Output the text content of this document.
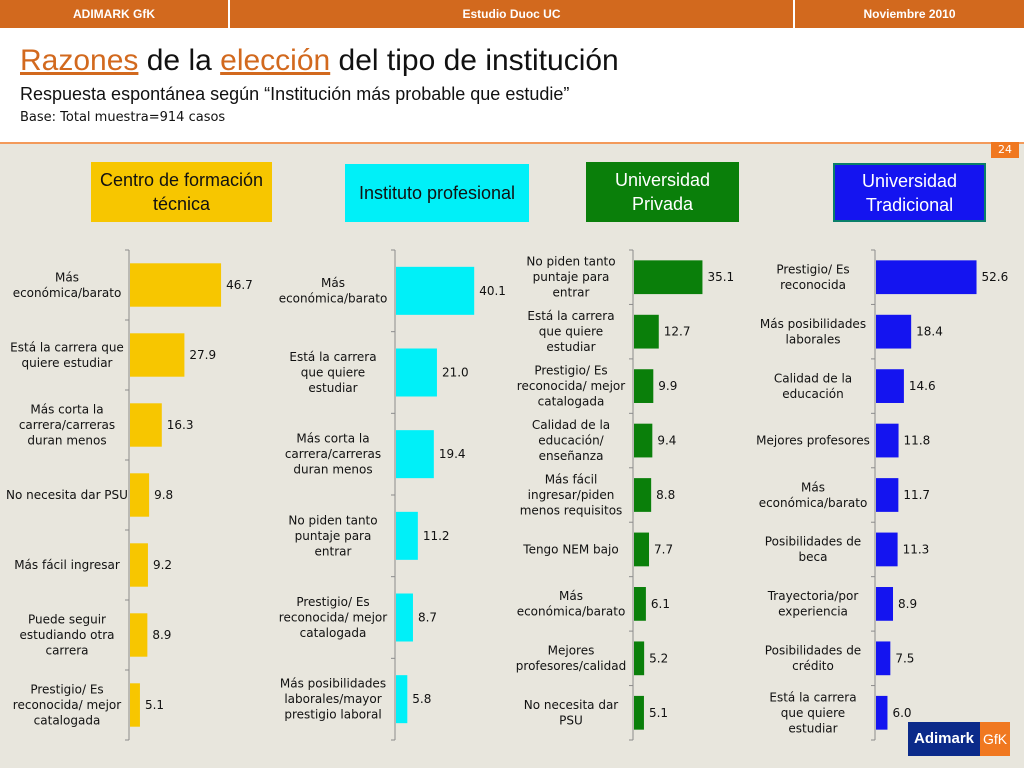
ADIMARK GfK	Estudio Duoc UC	Noviembre 2010
Razones de la elección del tipo de institución
Respuesta espontánea según “Institución más probable que estudie”
Base: Total muestra=914 casos
24
Centro de formación técnica
Instituto profesional
Universidad Privada
Universidad Tradicional
46.7
Más económica/barato
27.9
Está la carrera que quiere estudiar
16.3
Más corta la carrera/carreras duran menos
9.8
No necesita dar PSU
9.2
Más fácil ingresar
8.9
Puede seguir estudiando otra carrera
5.1
Prestigio/ Es reconocida/ mejor catalogada
40.1
Más económica/barato
21.0
Está la carrera que quiere estudiar
19.4
Más corta la carrera/carreras duran menos
11.2
No piden tanto puntaje para entrar
8.7
Prestigio/ Es reconocida/ mejor catalogada
5.8
Más posibilidades laborales/mayor prestigio laboral
35.1
No piden tanto puntaje para entrar
12.7
Está la carrera que quiere estudiar
9.9
Prestigio/ Es reconocida/ mejor catalogada
9.4
Calidad de la educación/ enseñanza
8.8
Más fácil ingresar/piden menos requisitos
7.7
Tengo NEM bajo
6.1
Más económica/barato
5.2
Mejores profesores/calidad
5.1
No necesita dar PSU
52.6
Prestigio/ Es reconocida
18.4
Más posibilidades laborales
14.6
Calidad de la educación
11.8
Mejores profesores
11.7
Más económica/barato
11.3
Posibilidades de beca
8.9
Trayectoria/por experiencia
7.5
Posibilidades de crédito
6.0
Está la carrera que quiere estudiar
Adimark GfK
